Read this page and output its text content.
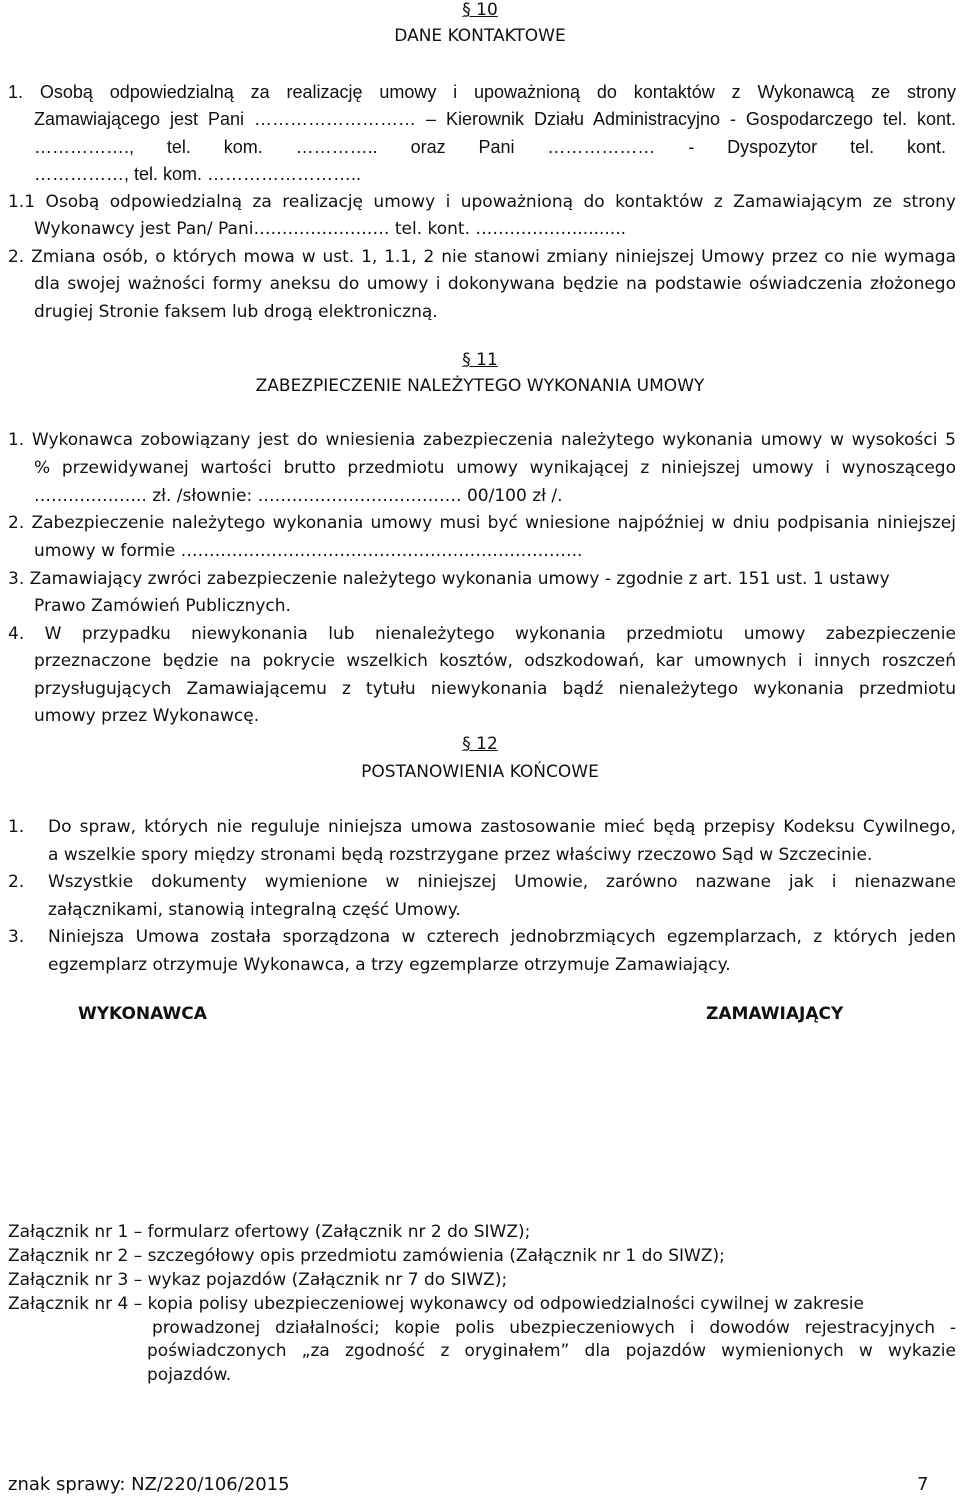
§ 10
DANE KONTAKTOWE
1. Osobą odpowiedzialną za realizację umowy i upoważnioną do kontaktów z Wykonawcą ze strony
Zamawiającego jest Pani ……………………… – Kierownik Działu Administracyjno - Gospodarczego tel. kont.
……………., tel. kom. ………….. oraz Pani ……………… - Dyspozytor tel. kont.
……………, tel. kom. ……………………..
1.1 Osobą odpowiedzialną za realizację umowy i upoważnioną do kontaktów z Zamawiającym ze strony
Wykonawcy jest Pan/ Pani…………………… tel. kont. ……………….........
2. Zmiana osób, o których mowa w ust. 1, 1.1, 2 nie stanowi zmiany niniejszej Umowy przez co nie wymaga
dla swojej ważności formy aneksu do umowy i dokonywana będzie na podstawie oświadczenia złożonego
drugiej Stronie faksem lub drogą elektroniczną.
§ 11
ZABEZPIECZENIE NALEŻYTEGO WYKONANIA UMOWY
1. Wykonawca zobowiązany jest do wniesienia zabezpieczenia należytego wykonania umowy w wysokości 5
% przewidywanej wartości brutto przedmiotu umowy wynikającej z niniejszej umowy i wynoszącego
……………….. zł. /słownie: ……………………………… 00/100 zł /.
2. Zabezpieczenie należytego wykonania umowy musi być wniesione najpóźniej w dniu podpisania niniejszej
umowy w formie ……………………………………………………………..
3. Zamawiający zwróci zabezpieczenie należytego wykonania umowy - zgodnie z art. 151 ust. 1 ustawy
Prawo Zamówień Publicznych.
4. W przypadku niewykonania lub nienależytego wykonania przedmiotu umowy zabezpieczenie
przeznaczone będzie na pokrycie wszelkich kosztów, odszkodowań, kar umownych i innych roszczeń
przysługujących Zamawiającemu z tytułu niewykonania bądź nienależytego wykonania przedmiotu
umowy przez Wykonawcę.
§ 12
POSTANOWIENIA KOŃCOWE
1. Do spraw, których nie reguluje niniejsza umowa zastosowanie mieć będą przepisy Kodeksu Cywilnego,
a wszelkie spory między stronami będą rozstrzygane przez właściwy rzeczowo Sąd w Szczecinie.
2. Wszystkie dokumenty wymienione w niniejszej Umowie, zarówno nazwane jak i nienazwane
załącznikami, stanowią integralną część Umowy.
3. Niniejsza Umowa została sporządzona w czterech jednobrzmiących egzemplarzach, z których jeden
egzemplarz otrzymuje Wykonawca, a trzy egzemplarze otrzymuje Zamawiający.
WYKONAWCA	ZAMAWIAJĄCY
Załącznik nr 1 – formularz ofertowy (Załącznik nr 2 do SIWZ);
Załącznik nr 2 – szczegółowy opis przedmiotu zamówienia (Załącznik nr 1 do SIWZ);
Załącznik nr 3 – wykaz pojazdów (Załącznik nr 7 do SIWZ);
Załącznik nr 4 – kopia polisy ubezpieczeniowej wykonawcy od odpowiedzialności cywilnej w zakresie
prowadzonej działalności; kopie polis ubezpieczeniowych i dowodów rejestracyjnych -
poświadczonych „za zgodność z oryginałem” dla pojazdów wymienionych w wykazie
pojazdów.
znak sprawy: NZ/220/106/2015	7
